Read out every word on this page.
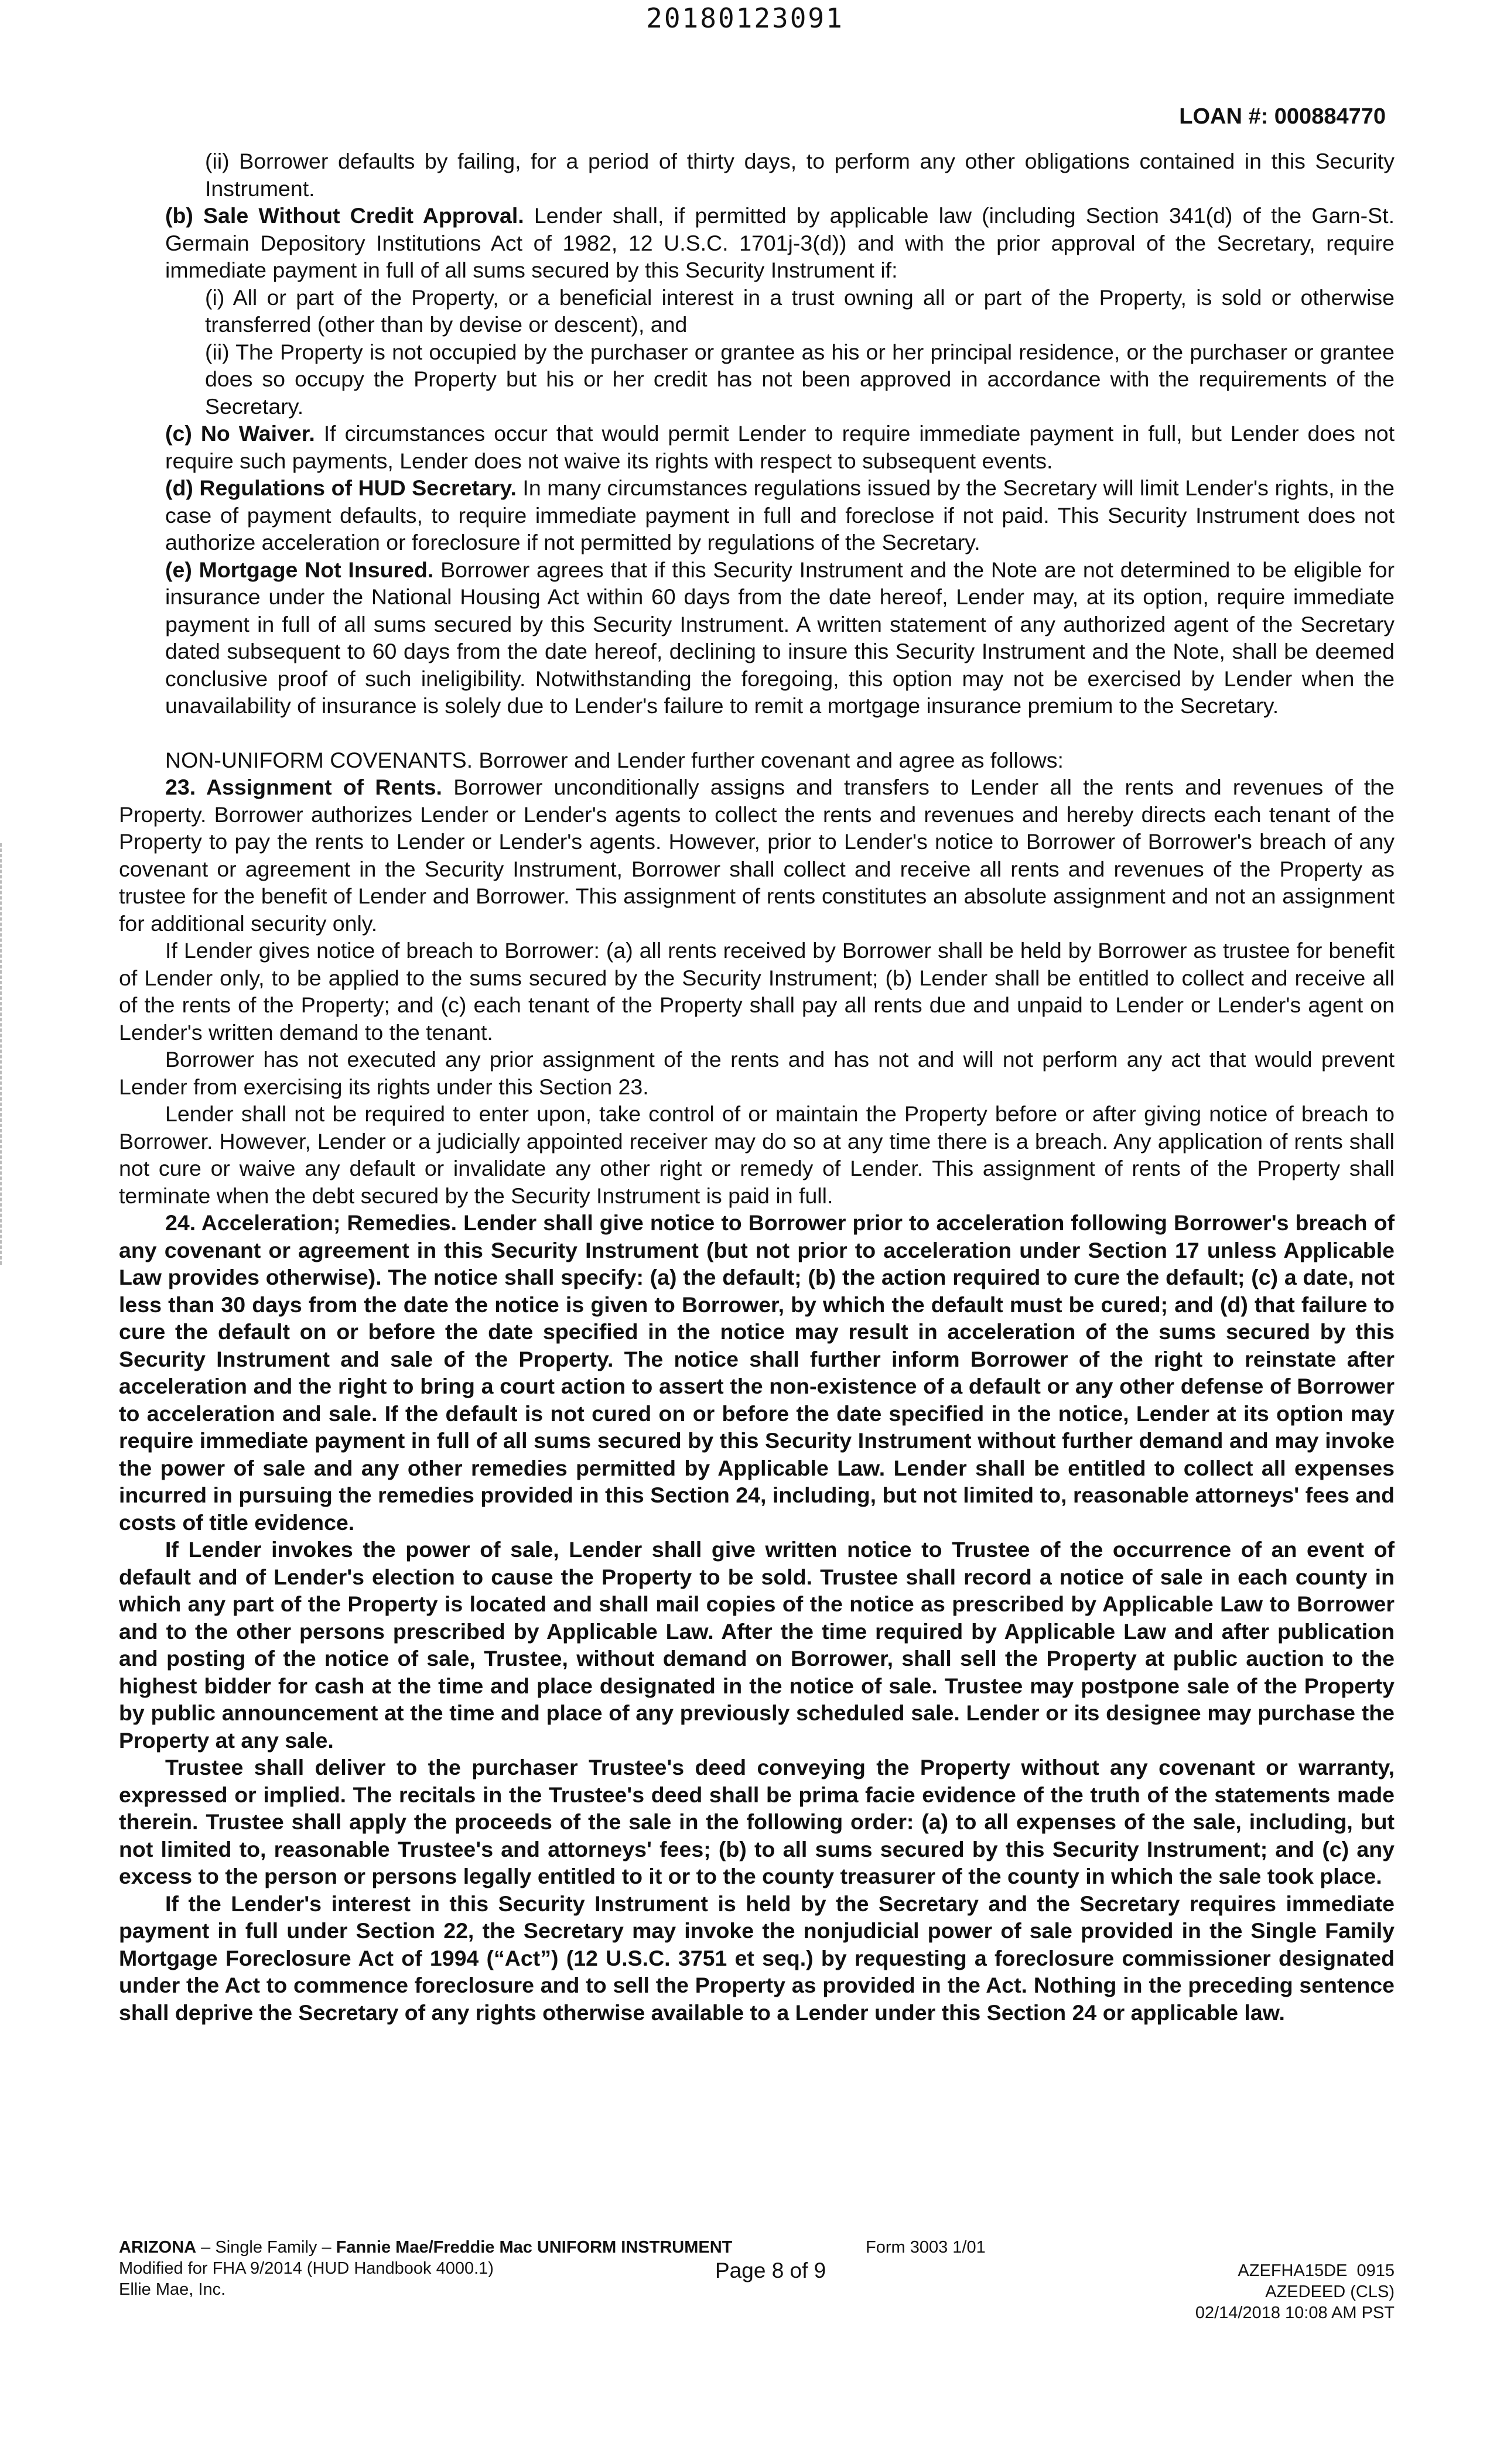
20180123091
LOAN #: 000884770

(ii) Borrower defaults by failing, for a period of thirty days, to perform any other obligations contained in this Security Instrument.

(b) Sale Without Credit Approval. Lender shall, if permitted by applicable law (including Section 341(d) of the Garn-St. Germain Depository Institutions Act of 1982, 12 U.S.C. 1701j-3(d)) and with the prior approval of the Secretary, require immediate payment in full of all sums secured by this Security Instrument if:

(i) All or part of the Property, or a beneficial interest in a trust owning all or part of the Property, is sold or otherwise transferred (other than by devise or descent), and

(ii) The Property is not occupied by the purchaser or grantee as his or her principal residence, or the purchaser or grantee does so occupy the Property but his or her credit has not been approved in accordance with the requirements of the Secretary.

(c) No Waiver. If circumstances occur that would permit Lender to require immediate payment in full, but Lender does not require such payments, Lender does not waive its rights with respect to subsequent events.

(d) Regulations of HUD Secretary. In many circumstances regulations issued by the Secretary will limit Lender's rights, in the case of payment defaults, to require immediate payment in full and foreclose if not paid. This Security Instrument does not authorize acceleration or foreclosure if not permitted by regulations of the Secretary.

(e) Mortgage Not Insured. Borrower agrees that if this Security Instrument and the Note are not determined to be eligible for insurance under the National Housing Act within 60 days from the date hereof, Lender may, at its option, require immediate payment in full of all sums secured by this Security Instrument. A written statement of any authorized agent of the Secretary dated subsequent to 60 days from the date hereof, declining to insure this Security Instrument and the Note, shall be deemed conclusive proof of such ineligibility. Notwithstanding the foregoing, this option may not be exercised by Lender when the unavailability of insurance is solely due to Lender's failure to remit a mortgage insurance premium to the Secretary.

NON-UNIFORM COVENANTS. Borrower and Lender further covenant and agree as follows:

23. Assignment of Rents. Borrower unconditionally assigns and transfers to Lender all the rents and revenues of the Property. Borrower authorizes Lender or Lender's agents to collect the rents and revenues and hereby directs each tenant of the Property to pay the rents to Lender or Lender's agents. However, prior to Lender's notice to Borrower of Borrower's breach of any covenant or agreement in the Security Instrument, Borrower shall collect and receive all rents and revenues of the Property as trustee for the benefit of Lender and Borrower. This assignment of rents constitutes an absolute assignment and not an assignment for additional security only.

If Lender gives notice of breach to Borrower: (a) all rents received by Borrower shall be held by Borrower as trustee for benefit of Lender only, to be applied to the sums secured by the Security Instrument; (b) Lender shall be entitled to collect and receive all of the rents of the Property; and (c) each tenant of the Property shall pay all rents due and unpaid to Lender or Lender's agent on Lender's written demand to the tenant.

Borrower has not executed any prior assignment of the rents and has not and will not perform any act that would prevent Lender from exercising its rights under this Section 23.

Lender shall not be required to enter upon, take control of or maintain the Property before or after giving notice of breach to Borrower. However, Lender or a judicially appointed receiver may do so at any time there is a breach. Any application of rents shall not cure or waive any default or invalidate any other right or remedy of Lender. This assignment of rents of the Property shall terminate when the debt secured by the Security Instrument is paid in full.

24. Acceleration; Remedies. Lender shall give notice to Borrower prior to acceleration following Borrower's breach of any covenant or agreement in this Security Instrument (but not prior to acceleration under Section 17 unless Applicable Law provides otherwise). The notice shall specify: (a) the default; (b) the action required to cure the default; (c) a date, not less than 30 days from the date the notice is given to Borrower, by which the default must be cured; and (d) that failure to cure the default on or before the date specified in the notice may result in acceleration of the sums secured by this Security Instrument and sale of the Property. The notice shall further inform Borrower of the right to reinstate after acceleration and the right to bring a court action to assert the non-existence of a default or any other defense of Borrower to acceleration and sale. If the default is not cured on or before the date specified in the notice, Lender at its option may require immediate payment in full of all sums secured by this Security Instrument without further demand and may invoke the power of sale and any other remedies permitted by Applicable Law. Lender shall be entitled to collect all expenses incurred in pursuing the remedies provided in this Section 24, including, but not limited to, reasonable attorneys' fees and costs of title evidence.

If Lender invokes the power of sale, Lender shall give written notice to Trustee of the occurrence of an event of default and of Lender's election to cause the Property to be sold. Trustee shall record a notice of sale in each county in which any part of the Property is located and shall mail copies of the notice as prescribed by Applicable Law to Borrower and to the other persons prescribed by Applicable Law. After the time required by Applicable Law and after publication and posting of the notice of sale, Trustee, without demand on Borrower, shall sell the Property at public auction to the highest bidder for cash at the time and place designated in the notice of sale. Trustee may postpone sale of the Property by public announcement at the time and place of any previously scheduled sale. Lender or its designee may purchase the Property at any sale.

Trustee shall deliver to the purchaser Trustee's deed conveying the Property without any covenant or warranty, expressed or implied. The recitals in the Trustee's deed shall be prima facie evidence of the truth of the statements made therein. Trustee shall apply the proceeds of the sale in the following order: (a) to all expenses of the sale, including, but not limited to, reasonable Trustee's and attorneys' fees; (b) to all sums secured by this Security Instrument; and (c) any excess to the person or persons legally entitled to it or to the county treasurer of the county in which the sale took place.

If the Lender's interest in this Security Instrument is held by the Secretary and the Secretary requires immediate payment in full under Section 22, the Secretary may invoke the nonjudicial power of sale provided in the Single Family Mortgage Foreclosure Act of 1994 (“Act”) (12 U.S.C. 3751 et seq.) by requesting a foreclosure commissioner designated under the Act to commence foreclosure and to sell the Property as provided in the Act. Nothing in the preceding sentence shall deprive the Secretary of any rights otherwise available to a Lender under this Section 24 or applicable law.

ARIZONA – Single Family – Fannie Mae/Freddie Mac UNIFORM INSTRUMENT
Modified for FHA 9/2014 (HUD Handbook 4000.1)
Ellie Mae, Inc.
Form 3003 1/01
Page 8 of 9	AZEFHA15DE  0915
AZEDEED (CLS)
02/14/2018 10:08 AM PST
